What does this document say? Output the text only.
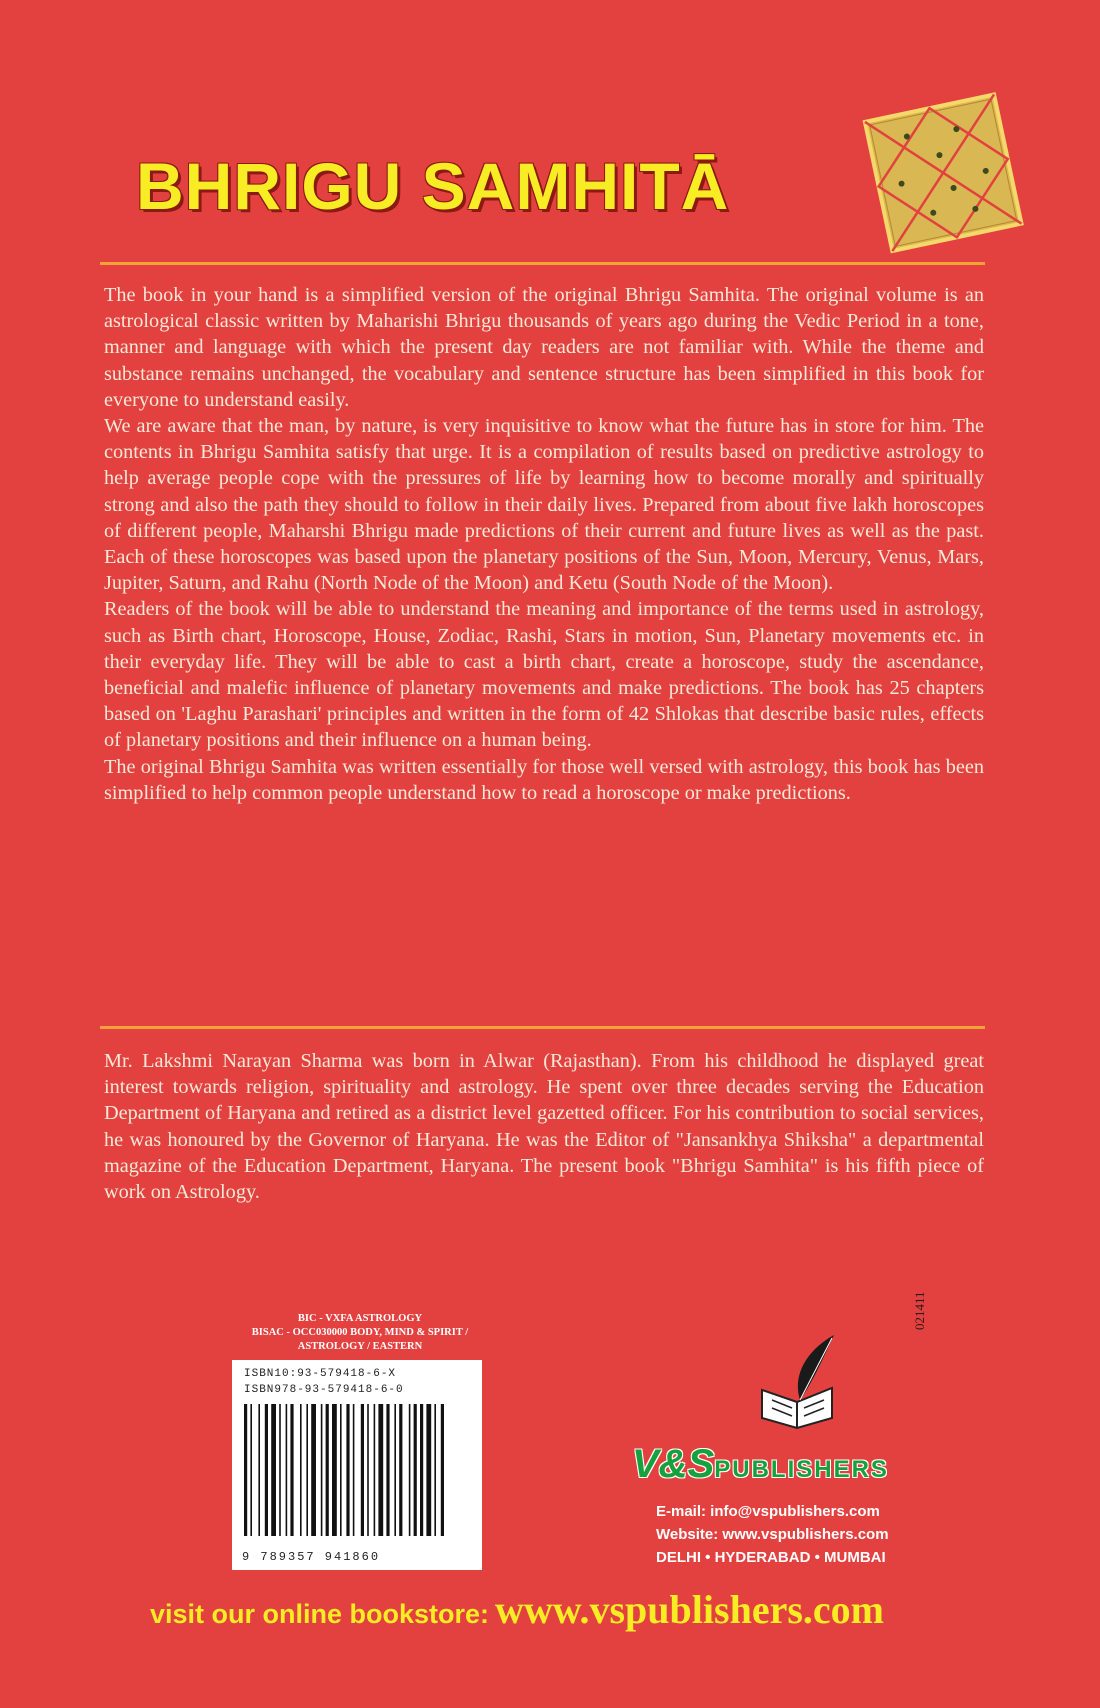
BHRIGU SAMHITĀ

The book in your hand is a simplified version of the original Bhrigu Samhita. The original volume is an astrological classic written by Maharishi Bhrigu thousands of years ago during the Vedic Period in a tone, manner and language with which the present day readers are not familiar with. While the theme and substance remains unchanged, the vocabulary and sentence structure has been simplified in this book for everyone to understand easily.

We are aware that the man, by nature, is very inquisitive to know what the future has in store for him. The contents in Bhrigu Samhita satisfy that urge. It is a compilation of results based on predictive astrology to help average people cope with the pressures of life by learning how to become morally and spiritually strong and also the path they should to follow in their daily lives. Prepared from about five lakh horoscopes of different people, Maharshi Bhrigu made predictions of their current and future lives as well as the past. Each of these horoscopes was based upon the planetary positions of the Sun, Moon, Mercury, Venus, Mars, Jupiter, Saturn, and Rahu (North Node of the Moon) and Ketu (South Node of the Moon).

Readers of the book will be able to understand the meaning and importance of the terms used in astrology, such as Birth chart, Horoscope, House, Zodiac, Rashi, Stars in motion, Sun, Planetary movements etc. in their everyday life. They will be able to cast a birth chart, create a horoscope, study the ascendance, beneficial and malefic influence of planetary movements and make predictions. The book has 25 chapters based on 'Laghu Parashari' principles and written in the form of 42 Shlokas that describe basic rules, effects of planetary positions and their influence on a human being.

The original Bhrigu Samhita was written essentially for those well versed with astrology, this book has been simplified to help common people understand how to read a horoscope or make predictions.

Mr. Lakshmi Narayan Sharma was born in Alwar (Rajasthan). From his childhood he displayed great interest towards religion, spirituality and astrology. He spent over three decades serving the Education Department of Haryana and retired as a district level gazetted officer. For his contribution to social services, he was honoured by the Governor of Haryana. He was the Editor of "Jansankhya Shiksha" a departmental magazine of the Education Department, Haryana. The present book "Bhrigu Samhita" is his fifth piece of work on Astrology.

BIC - VXFA ASTROLOGY
BISAC - OCC030000 BODY, MIND & SPIRIT / ASTROLOGY / EASTERN
ISBN10:93-579418-6-X
ISBN978-93-579418-6-0
9 789357 941860
021411
V&SPUBLISHERS
E-mail: info@vspublishers.com
Website: www.vspublishers.com
DELHI • HYDERABAD • MUMBAI
visit our online bookstore: www.vspublishers.com
